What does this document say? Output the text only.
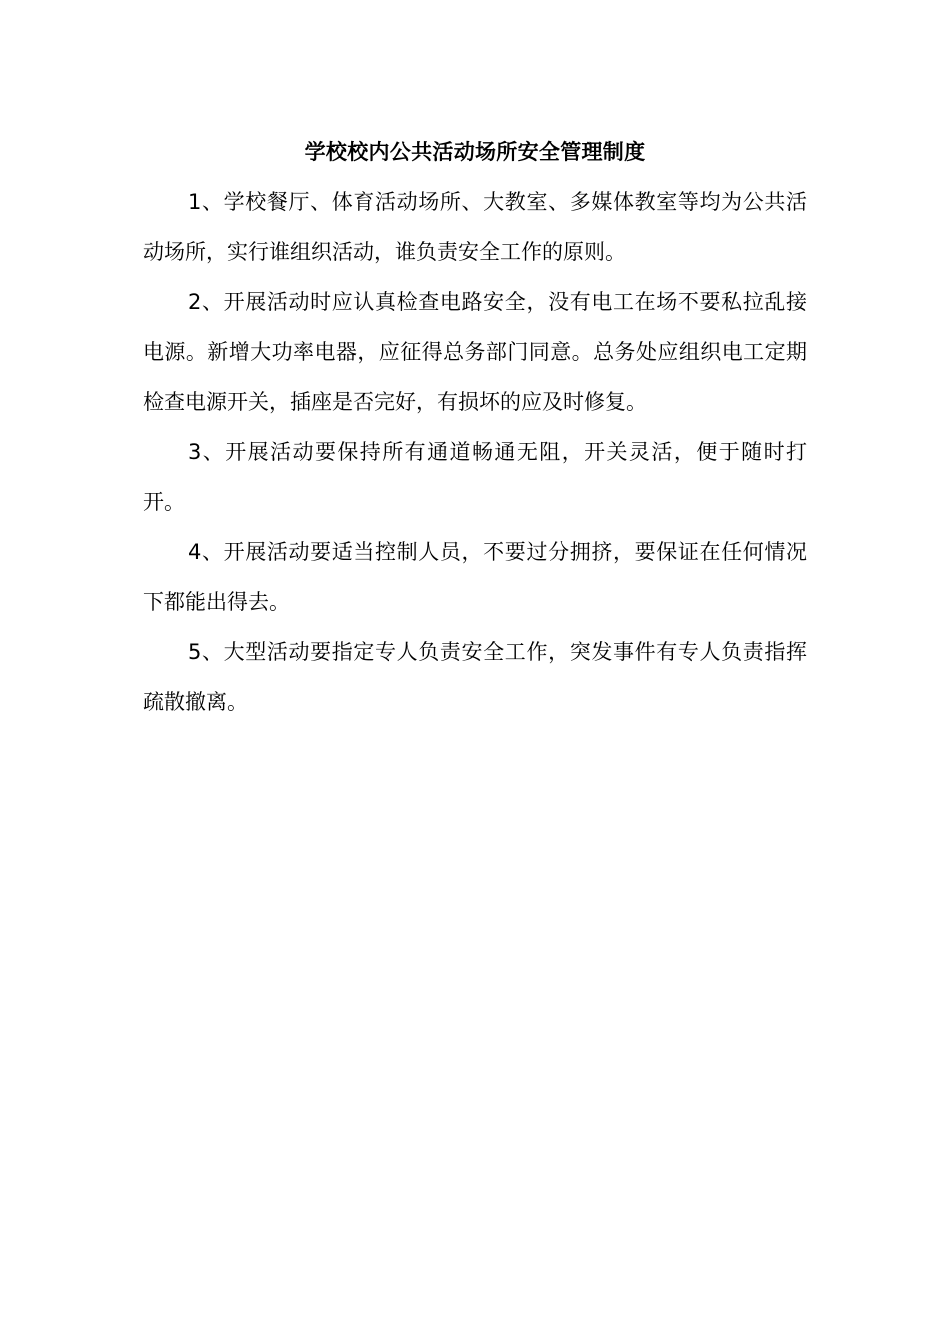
学校校内公共活动场所安全管理制度

1、学校餐厅、体育活动场所、大教室、多媒体教室等均为公共活动场所，实行谁组织活动，谁负责安全工作的原则。

2、开展活动时应认真检查电路安全，没有电工在场不要私拉乱接电源。新增大功率电器，应征得总务部门同意。总务处应组织电工定期检查电源开关，插座是否完好，有损坏的应及时修复。

3、开展活动要保持所有通道畅通无阻，开关灵活，便于随时打开。

4、开展活动要适当控制人员，不要过分拥挤，要保证在任何情况下都能出得去。

5、大型活动要指定专人负责安全工作，突发事件有专人负责指挥疏散撤离。
